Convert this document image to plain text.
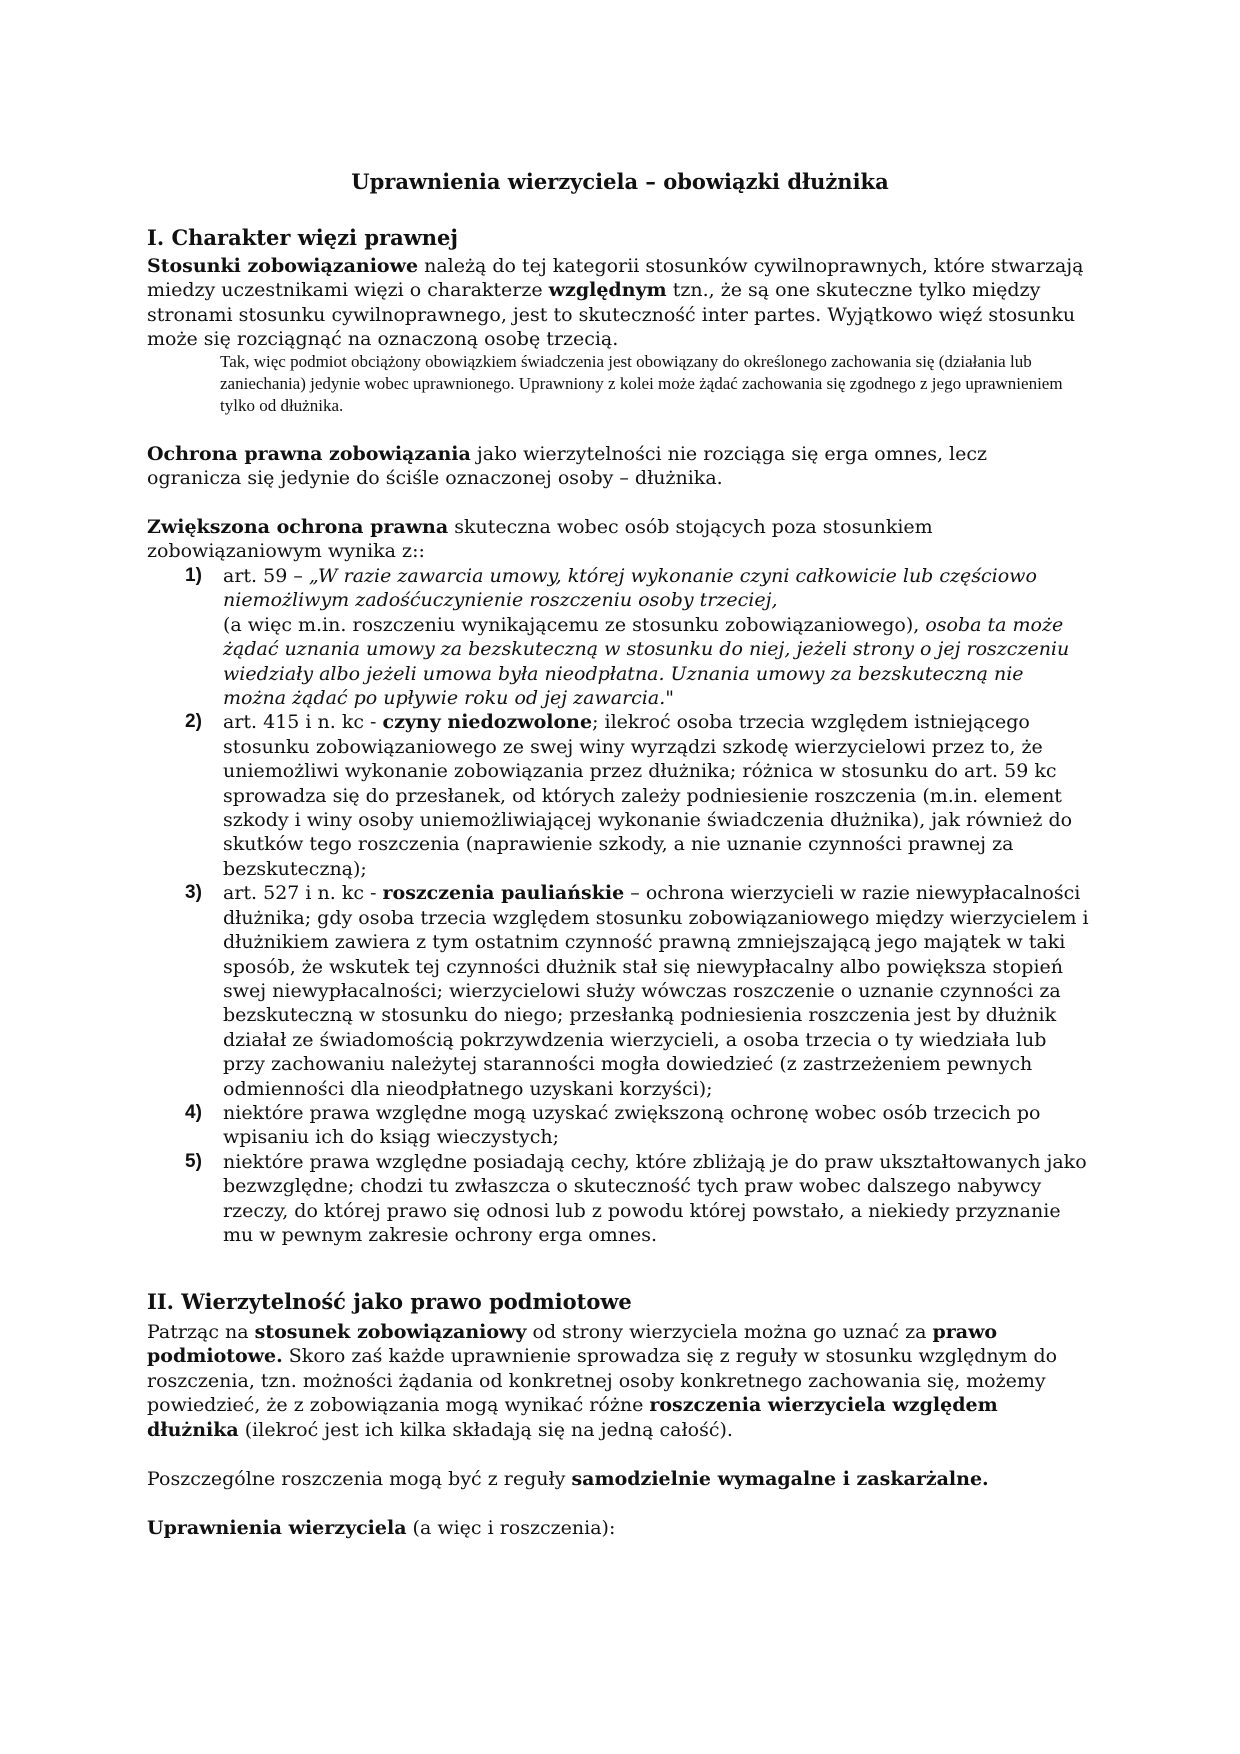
Uprawnienia wierzyciela – obowiązki dłużnika
I. Charakter więzi prawnej

Stosunki zobowiązaniowe należą do tej kategorii stosunków cywilnoprawnych, które stwarzają miedzy uczestnikami więzi o charakterze względnym tzn., że są one skuteczne tylko między stronami stosunku cywilnoprawnego, jest to skuteczność inter partes. Wyjątkowo więź stosunku może się rozciągnąć na oznaczoną osobę trzecią.

Tak, więc podmiot obciążony obowiązkiem świadczenia jest obowiązany do określonego zachowania się (działania lub zaniechania) jedynie wobec uprawnionego. Uprawniony z kolei może żądać zachowania się zgodnego z jego uprawnieniem tylko od dłużnika.

Ochrona prawna zobowiązania jako wierzytelności nie rozciąga się erga omnes, lecz ogranicza się jedynie do ściśle oznaczonej osoby – dłużnika.

Zwiększona ochrona prawna skuteczna wobec osób stojących poza stosunkiem zobowiązaniowym wynika z::

1) art. 59 – „W razie zawarcia umowy, której wykonanie czyni całkowicie lub częściowo niemożliwym zadośćuczynienie roszczeniu osoby trzeciej,
(a więc m.in. roszczeniu wynikającemu ze stosunku zobowiązaniowego), osoba ta może żądać uznania umowy za bezskuteczną w stosunku do niej, jeżeli strony o jej roszczeniu wiedziały albo jeżeli umowa była nieodpłatna. Uznania umowy za bezskuteczną nie można żądać po upływie roku od jej zawarcia."
2) art. 415 i n. kc - czyny niedozwolone; ilekroć osoba trzecia względem istniejącego stosunku zobowiązaniowego ze swej winy wyrządzi szkodę wierzycielowi przez to, że uniemożliwi wykonanie zobowiązania przez dłużnika; różnica w stosunku do art. 59 kc sprowadza się do przesłanek, od których zależy podniesienie roszczenia (m.in. element szkody i winy osoby uniemożliwiającej wykonanie świadczenia dłużnika), jak również do skutków tego roszczenia (naprawienie szkody, a nie uznanie czynności prawnej za bezskuteczną);
3) art. 527 i n. kc - roszczenia pauliańskie – ochrona wierzycieli w razie niewypłacalności dłużnika; gdy osoba trzecia względem stosunku zobowiązaniowego między wierzycielem i dłużnikiem zawiera z tym ostatnim czynność prawną zmniejszającą jego majątek w taki sposób, że wskutek tej czynności dłużnik stał się niewypłacalny albo powiększa stopień swej niewypłacalności; wierzycielowi służy wówczas roszczenie o uznanie czynności za bezskuteczną w stosunku do niego; przesłanką podniesienia roszczenia jest by dłużnik działał ze świadomością pokrzywdzenia wierzycieli, a osoba trzecia o ty wiedziała lub przy zachowaniu należytej staranności mogła dowiedzieć (z zastrzeżeniem pewnych odmienności dla nieodpłatnego uzyskani korzyści);
4) niektóre prawa względne mogą uzyskać zwiększoną ochronę wobec osób trzecich po wpisaniu ich do ksiąg wieczystych;
5) niektóre prawa względne posiadają cechy, które zbliżają je do praw ukształtowanych jako bezwzględne; chodzi tu zwłaszcza o skuteczność tych praw wobec dalszego nabywcy rzeczy, do której prawo się odnosi lub z powodu której powstało, a niekiedy przyznanie mu w pewnym zakresie ochrony erga omnes.
II. Wierzytelność jako prawo podmiotowe

Patrząc na stosunek zobowiązaniowy od strony wierzyciela można go uznać za prawo podmiotowe. Skoro zaś każde uprawnienie sprowadza się z reguły w stosunku względnym do roszczenia, tzn. możności żądania od konkretnej osoby konkretnego zachowania się, możemy powiedzieć, że z zobowiązania mogą wynikać różne roszczenia wierzyciela względem dłużnika (ilekroć jest ich kilka składają się na jedną całość).

Poszczególne roszczenia mogą być z reguły samodzielnie wymagalne i zaskarżalne.

Uprawnienia wierzyciela (a więc i roszczenia):
